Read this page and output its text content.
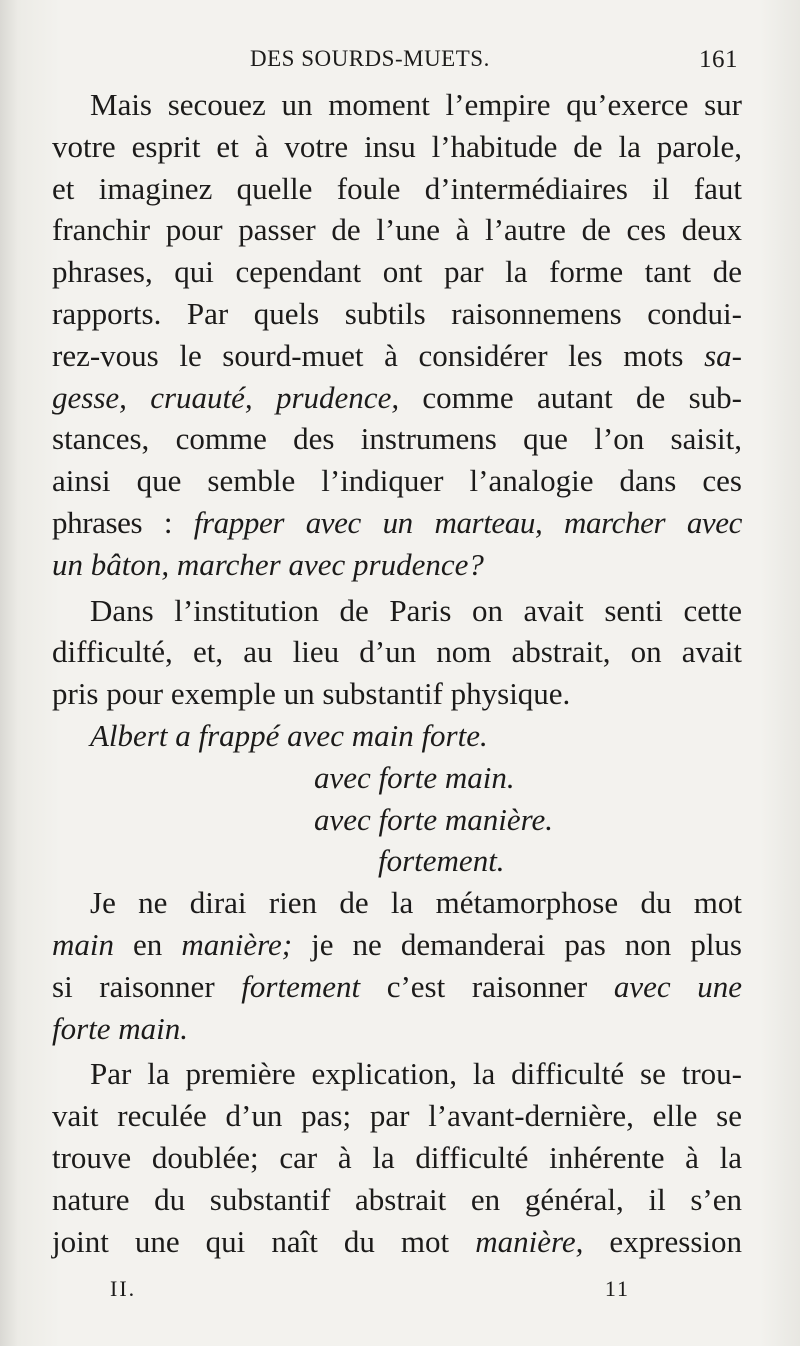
DES SOURDS-MUETS.	161
Mais secouez un moment l’empire qu’exerce sur
votre esprit et à votre insu l’habitude de la parole,
et imaginez quelle foule d’intermédiaires il faut
franchir pour passer de l’une à l’autre de ces deux
phrases, qui cependant ont par la forme tant de
rapports. Par quels subtils raisonnemens condui-
rez-vous le sourd-muet à considérer les mots sa-
gesse, cruauté, prudence, comme autant de sub-
stances, comme des instrumens que l’on saisit,
ainsi que semble l’indiquer l’analogie dans ces
phrases : frapper avec un marteau, marcher avec
un bâton, marcher avec prudence?
Dans l’institution de Paris on avait senti cette
difficulté, et, au lieu d’un nom abstrait, on avait
pris pour exemple un substantif physique.
Albert a frappé avec main forte.
avec forte main.
avec forte manière.
fortement.
Je ne dirai rien de la métamorphose du mot
main en manière; je ne demanderai pas non plus
si raisonner fortement c’est raisonner avec une
forte main.
Par la première explication, la difficulté se trou-
vait reculée d’un pas; par l’avant-dernière, elle se
trouve doublée; car à la difficulté inhérente à la
nature du substantif abstrait en général, il s’en
joint une qui naît du mot manière, expression
II.	11
